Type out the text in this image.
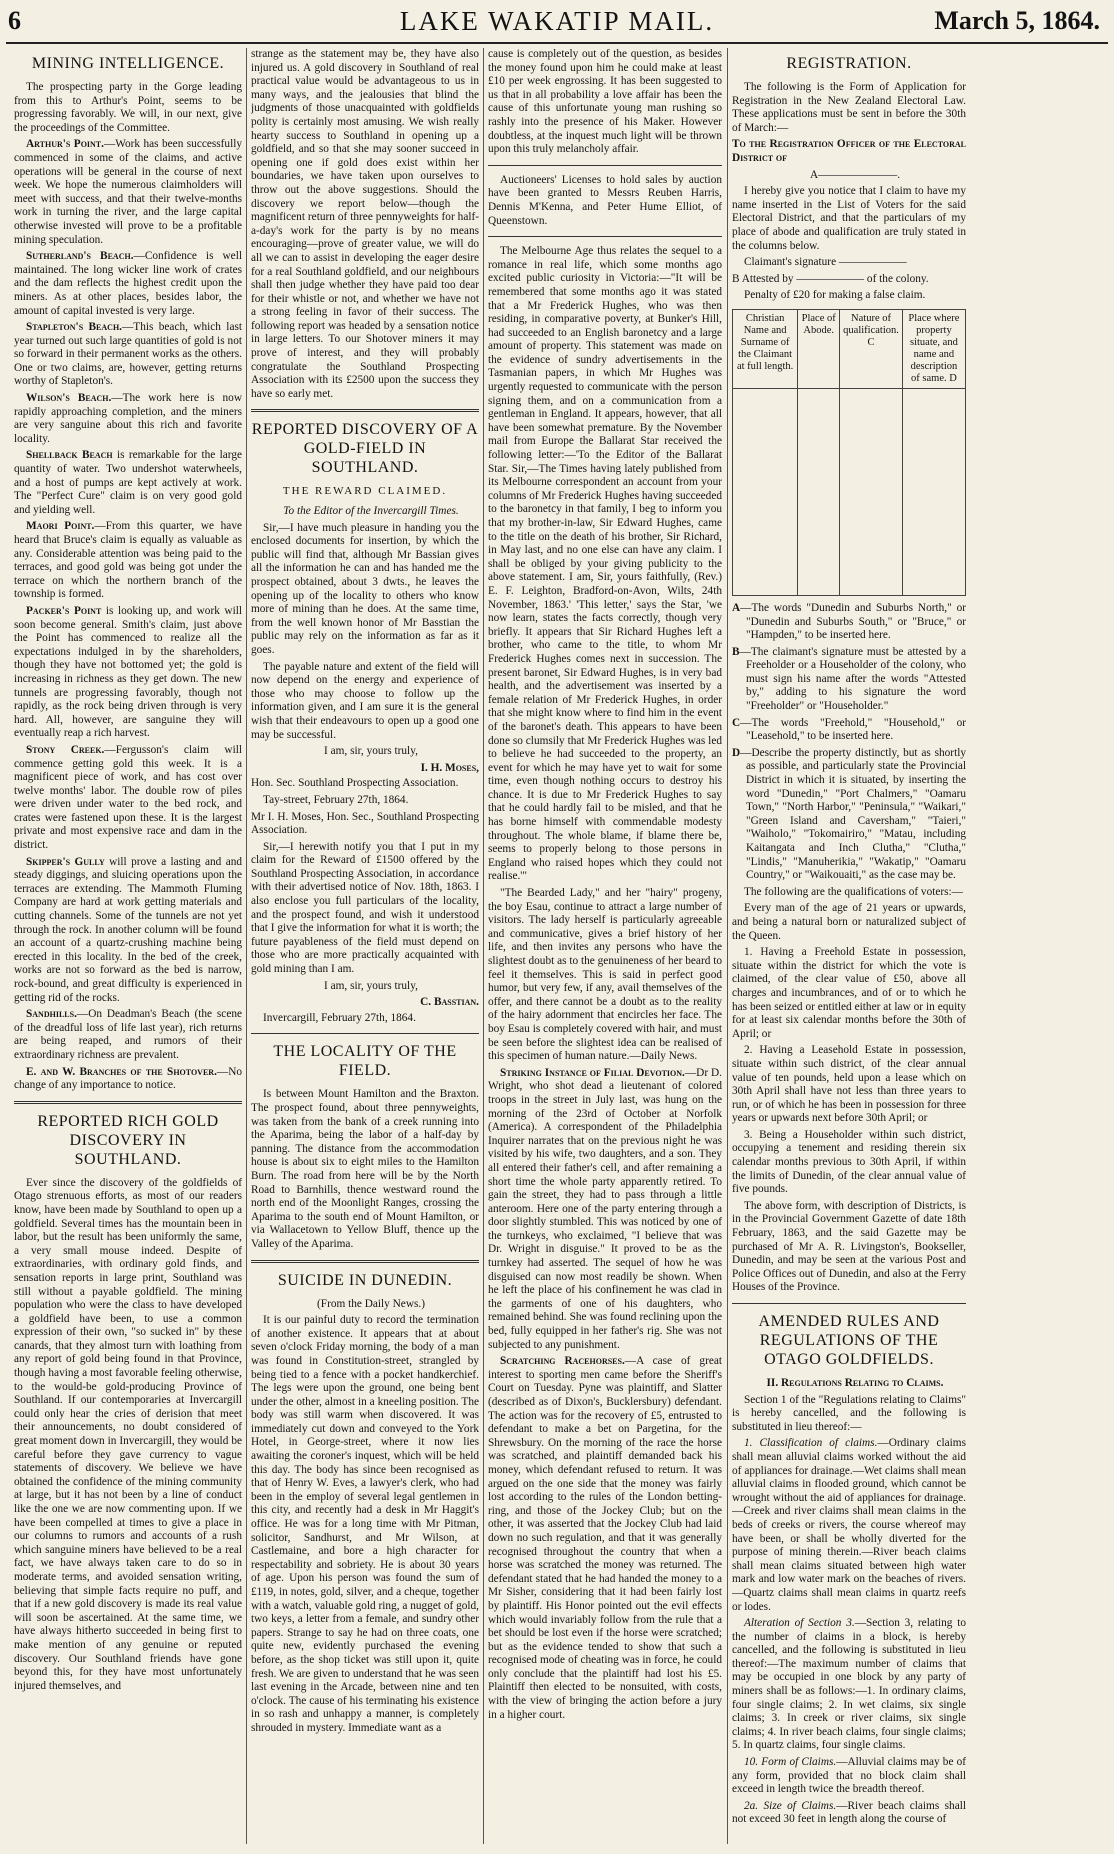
6	LAKE WAKATIP MAIL.	March 5, 1864.
MINING INTELLIGENCE.

The prospecting party in the Gorge leading from this to Arthur's Point, seems to be progressing favorably. We will, in our next, give the proceedings of the Committee.

Arthur's Point.—Work has been successfully commenced in some of the claims, and active operations will be general in the course of next week. We hope the numerous claimholders will meet with success, and that their twelve-months work in turning the river, and the large capital otherwise invested will prove to be a profitable mining speculation.

Sutherland's Beach.—Confidence is well maintained. The long wicker line work of crates and the dam reflects the highest credit upon the miners. As at other places, besides labor, the amount of capital invested is very large.

Stapleton's Beach.—This beach, which last year turned out such large quantities of gold is not so forward in their permanent works as the others. One or two claims, are, however, getting returns worthy of Stapleton's.

Wilson's Beach.—The work here is now rapidly approaching completion, and the miners are very sanguine about this rich and favorite locality.

Shellback Beach is remarkable for the large quantity of water. Two undershot waterwheels, and a host of pumps are kept actively at work. The "Perfect Cure" claim is on very good gold and yielding well.

Maori Point.—From this quarter, we have heard that Bruce's claim is equally as valuable as any. Considerable attention was being paid to the terraces, and good gold was being got under the terrace on which the northern branch of the township is formed.

Packer's Point is looking up, and work will soon become general. Smith's claim, just above the Point has commenced to realize all the expectations indulged in by the shareholders, though they have not bottomed yet; the gold is increasing in richness as they get down. The new tunnels are progressing favorably, though not rapidly, as the rock being driven through is very hard. All, however, are sanguine they will eventually reap a rich harvest.

Stony Creek.—Fergusson's claim will commence getting gold this week. It is a magnificent piece of work, and has cost over twelve months' labor. The double row of piles were driven under water to the bed rock, and crates were fastened upon these. It is the largest private and most expensive race and dam in the district.

Skipper's Gully will prove a lasting and and steady diggings, and sluicing operations upon the terraces are extending. The Mammoth Fluming Company are hard at work getting materials and cutting channels. Some of the tunnels are not yet through the rock. In another column will be found an account of a quartz-crushing machine being erected in this locality. In the bed of the creek, works are not so forward as the bed is narrow, rock-bound, and great difficulty is experienced in getting rid of the rocks.

Sandhills.—On Deadman's Beach (the scene of the dreadful loss of life last year), rich returns are being reaped, and rumors of their extraordinary richness are prevalent.

E. and W. Branches of the Shotover.—No change of any importance to notice.

REPORTED RICH GOLD DISCOVERY IN SOUTHLAND.

Ever since the discovery of the goldfields of Otago strenuous efforts, as most of our readers know, have been made by Southland to open up a goldfield. Several times has the mountain been in labor, but the result has been uniformly the same, a very small mouse indeed. Despite of extraordinaries, with ordinary gold finds, and sensation reports in large print, Southland was still without a payable goldfield. The mining population who were the class to have developed a goldfield have been, to use a common expression of their own, "so sucked in" by these canards, that they almost turn with loathing from any report of gold being found in that Province, though having a most favorable feeling otherwise, to the would-be gold-producing Province of Southland. If our contemporaries at Invercargill could only hear the cries of derision that meet their announcements, no doubt considered of great moment down in Invercargill, they would be careful before they gave currency to vague statements of discovery. We believe we have obtained the confidence of the mining community at large, but it has not been by a line of conduct like the one we are now commenting upon. If we have been compelled at times to give a place in our columns to rumors and accounts of a rush which sanguine miners have believed to be a real fact, we have always taken care to do so in moderate terms, and avoided sensation writing, believing that simple facts require no puff, and that if a new gold discovery is made its real value will soon be ascertained. At the same time, we have always hitherto succeeded in being first to make mention of any genuine or reputed discovery. Our Southland friends have gone beyond this, for they have most unfortunately injured themselves, and

strange as the statement may be, they have also injured us. A gold discovery in Southland of real practical value would be advantageous to us in many ways, and the jealousies that blind the judgments of those unacquainted with goldfields polity is certainly most amusing. We wish really hearty success to Southland in opening up a goldfield, and so that she may sooner succeed in opening one if gold does exist within her boundaries, we have taken upon ourselves to throw out the above suggestions. Should the discovery we report below—though the magnificent return of three pennyweights for half-a-day's work for the party is by no means encouraging—prove of greater value, we will do all we can to assist in developing the eager desire for a real Southland goldfield, and our neighbours shall then judge whether they have paid too dear for their whistle or not, and whether we have not a strong feeling in favor of their success. The following report was headed by a sensation notice in large letters. To our Shotover miners it may prove of interest, and they will probably congratulate the Southland Prospecting Association with its £2500 upon the success they have so early met.

REPORTED DISCOVERY OF A GOLD-FIELD IN SOUTHLAND.
THE REWARD CLAIMED.

To the Editor of the Invercargill Times.

Sir,—I have much pleasure in handing you the enclosed documents for insertion, by which the public will find that, although Mr Bassian gives all the information he can and has handed me the prospect obtained, about 3 dwts., he leaves the opening up of the locality to others who know more of mining than he does. At the same time, from the well known honor of Mr Basstian the public may rely on the information as far as it goes.

The payable nature and extent of the field will now depend on the energy and experience of those who may choose to follow up the information given, and I am sure it is the general wish that their endeavours to open up a good one may be successful.

I am, sir, yours truly,

I. H. Moses,

Hon. Sec. Southland Prospecting Association.

Tay-street, February 27th, 1864.

Mr I. H. Moses, Hon. Sec., Southland Prospecting Association.

Sir,—I herewith notify you that I put in my claim for the Reward of £1500 offered by the Southland Prospecting Association, in accordance with their advertised notice of Nov. 18th, 1863. I also enclose you full particulars of the locality, and the prospect found, and wish it understood that I give the information for what it is worth; the future payableness of the field must depend on those who are more practically acquainted with gold mining than I am.

I am, sir, yours truly,

C. Basstian.

Invercargill, February 27th, 1864.

THE LOCALITY OF THE FIELD.

Is between Mount Hamilton and the Braxton. The prospect found, about three pennyweights, was taken from the bank of a creek running into the Aparima, being the labor of a half-day by panning. The distance from the accommodation house is about six to eight miles to the Hamilton Burn. The road from here will be by the North Road to Barnhills, thence westward round the north end of the Moonlight Ranges, crossing the Aparima to the south end of Mount Hamilton, or via Wallacetown to Yellow Bluff, thence up the Valley of the Aparima.

SUICIDE IN DUNEDIN.

(From the Daily News.)

It is our painful duty to record the termination of another existence. It appears that at about seven o'clock Friday morning, the body of a man was found in Constitution-street, strangled by being tied to a fence with a pocket handkerchief. The legs were upon the ground, one being bent under the other, almost in a kneeling position. The body was still warm when discovered. It was immediately cut down and conveyed to the York Hotel, in George-street, where it now lies awaiting the coroner's inquest, which will be held this day. The body has since been recognised as that of Henry W. Eves, a lawyer's clerk, who had been in the employ of several legal gentlemen in this city, and recently had a desk in Mr Haggit's office. He was for a long time with Mr Pitman, solicitor, Sandhurst, and Mr Wilson, at Castlemaine, and bore a high character for respectability and sobriety. He is about 30 years of age. Upon his person was found the sum of £119, in notes, gold, silver, and a cheque, together with a watch, valuable gold ring, a nugget of gold, two keys, a letter from a female, and sundry other papers. Strange to say he had on three coats, one quite new, evidently purchased the evening before, as the shop ticket was still upon it, quite fresh. We are given to understand that he was seen last evening in the Arcade, between nine and ten o'clock. The cause of his terminating his existence in so rash and unhappy a manner, is completely shrouded in mystery. Immediate want as a

cause is completely out of the question, as besides the money found upon him he could make at least £10 per week engrossing. It has been suggested to us that in all probability a love affair has been the cause of this unfortunate young man rushing so rashly into the presence of his Maker. However doubtless, at the inquest much light will be thrown upon this truly melancholy affair.

Auctioneers' Licenses to hold sales by auction have been granted to Messrs Reuben Harris, Dennis M'Kenna, and Peter Hume Elliot, of Queenstown.

The Melbourne Age thus relates the sequel to a romance in real life, which some months ago excited public curiosity in Victoria:—"It will be remembered that some months ago it was stated that a Mr Frederick Hughes, who was then residing, in comparative poverty, at Bunker's Hill, had succeeded to an English baronetcy and a large amount of property. This statement was made on the evidence of sundry advertisements in the Tasmanian papers, in which Mr Hughes was urgently requested to communicate with the person signing them, and on a communication from a gentleman in England. It appears, however, that all have been somewhat premature. By the November mail from Europe the Ballarat Star received the following letter:—'To the Editor of the Ballarat Star. Sir,—The Times having lately published from its Melbourne correspondent an account from your columns of Mr Frederick Hughes having succeeded to the baronetcy in that family, I beg to inform you that my brother-in-law, Sir Edward Hughes, came to the title on the death of his brother, Sir Richard, in May last, and no one else can have any claim. I shall be obliged by your giving publicity to the above statement. I am, Sir, yours faithfully, (Rev.) E. F. Leighton, Bradford-on-Avon, Wilts, 24th November, 1863.' 'This letter,' says the Star, 'we now learn, states the facts correctly, though very briefly. It appears that Sir Richard Hughes left a brother, who came to the title, to whom Mr Frederick Hughes comes next in succession. The present baronet, Sir Edward Hughes, is in very bad health, and the advertisement was inserted by a female relation of Mr Frederick Hughes, in order that she might know where to find him in the event of the baronet's death. This appears to have been done so clumsily that Mr Frederick Hughes was led to believe he had succeeded to the property, an event for which he may have yet to wait for some time, even though nothing occurs to destroy his chance. It is due to Mr Frederick Hughes to say that he could hardly fail to be misled, and that he has borne himself with commendable modesty throughout. The whole blame, if blame there be, seems to properly belong to those persons in England who raised hopes which they could not realise.'"

"The Bearded Lady," and her "hairy" progeny, the boy Esau, continue to attract a large number of visitors. The lady herself is particularly agreeable and communicative, gives a brief history of her life, and then invites any persons who have the slightest doubt as to the genuineness of her beard to feel it themselves. This is said in perfect good humor, but very few, if any, avail themselves of the offer, and there cannot be a doubt as to the reality of the hairy adornment that encircles her face. The boy Esau is completely covered with hair, and must be seen before the slightest idea can be realised of this specimen of human nature.—Daily News.

Striking Instance of Filial Devotion.—Dr D. Wright, who shot dead a lieutenant of colored troops in the street in July last, was hung on the morning of the 23rd of October at Norfolk (America). A correspondent of the Philadelphia Inquirer narrates that on the previous night he was visited by his wife, two daughters, and a son. They all entered their father's cell, and after remaining a short time the whole party apparently retired. To gain the street, they had to pass through a little anteroom. Here one of the party entering through a door slightly stumbled. This was noticed by one of the turnkeys, who exclaimed, "I believe that was Dr. Wright in disguise." It proved to be as the turnkey had asserted. The sequel of how he was disguised can now most readily be shown. When he left the place of his confinement he was clad in the garments of one of his daughters, who remained behind. She was found reclining upon the bed, fully equipped in her father's rig. She was not subjected to any punishment.

Scratching Racehorses.—A case of great interest to sporting men came before the Sheriff's Court on Tuesday. Pyne was plaintiff, and Slatter (described as of Dixon's, Bucklersbury) defendant. The action was for the recovery of £5, entrusted to defendant to make a bet on Pargetina, for the Shrewsbury. On the morning of the race the horse was scratched, and plaintiff demanded back his money, which defendant refused to return. It was argued on the one side that the money was fairly lost according to the rules of the London betting-ring, and those of the Jockey Club; but on the other, it was asserted that the Jockey Club had laid down no such regulation, and that it was generally recognised throughout the country that when a horse was scratched the money was returned. The defendant stated that he had handed the money to a Mr Sisher, considering that it had been fairly lost by plaintiff. His Honor pointed out the evil effects which would invariably follow from the rule that a bet should be lost even if the horse were scratched; but as the evidence tended to show that such a recognised mode of cheating was in force, he could only conclude that the plaintiff had lost his £5. Plaintiff then elected to be nonsuited, with costs, with the view of bringing the action before a jury in a higher court.

REGISTRATION.

The following is the Form of Application for Registration in the New Zealand Electoral Law. These applications must be sent in before the 30th of March:—

To the Registration Officer of the Electoral District of

A———————.

I hereby give you notice that I claim to have my name inserted in the List of Voters for the said Electoral District, and that the particulars of my place of abode and qualification are truly stated in the columns below.

Claimant's signature ——————

B Attested by —————— of the colony.

Penalty of £20 for making a false claim.

Christian Name and Surname of the Claimant at full length.	Place of Abode.	Nature of qualification. C	Place where property situate, and name and description of same. D

A—The words "Dunedin and Suburbs North," or "Dunedin and Suburbs South," or "Bruce," or "Hampden," to be inserted here.

B—The claimant's signature must be attested by a Freeholder or a Householder of the colony, who must sign his name after the words "Attested by," adding to his signature the word "Freeholder" or "Householder."

C—The words "Freehold," "Household," or "Leasehold," to be inserted here.

D—Describe the property distinctly, but as shortly as possible, and particularly state the Provincial District in which it is situated, by inserting the word "Dunedin," "Port Chalmers," "Oamaru Town," "North Harbor," "Peninsula," "Waikari," "Green Island and Caversham," "Taieri," "Waiholo," "Tokomairiro," "Matau, including Kaitangata and Inch Clutha," "Clutha," "Lindis," "Manuherikia," "Wakatip," "Oamaru Country," or "Waikouaiti," as the case may be.

The following are the qualifications of voters:—

Every man of the age of 21 years or upwards, and being a natural born or naturalized subject of the Queen.

1. Having a Freehold Estate in possession, situate within the district for which the vote is claimed, of the clear value of £50, above all charges and incumbrances, and of or to which he has been seized or entitled either at law or in equity for at least six calendar months before the 30th of April; or

2. Having a Leasehold Estate in possession, situate within such district, of the clear annual value of ten pounds, held upon a lease which on 30th April shall have not less than three years to run, or of which he has been in possession for three years or upwards next before 30th April; or

3. Being a Householder within such district, occupying a tenement and residing therein six calendar months previous to 30th April, if within the limits of Dunedin, of the clear annual value of five pounds.

The above form, with description of Districts, is in the Provincial Government Gazette of date 18th February, 1863, and the said Gazette may be purchased of Mr A. R. Livingston's, Bookseller, Dunedin, and may be seen at the various Post and Police Offices out of Dunedin, and also at the Ferry Houses of the Province.

AMENDED RULES AND REGULATIONS OF THE OTAGO GOLDFIELDS.

II. Regulations Relating to Claims.

Section 1 of the "Regulations relating to Claims" is hereby cancelled, and the following is substituted in lieu thereof:—

1. Classification of claims.—Ordinary claims shall mean alluvial claims worked without the aid of appliances for drainage.—Wet claims shall mean alluvial claims in flooded ground, which cannot be wrought without the aid of appliances for drainage.—Creek and river claims shall mean claims in the beds of creeks or rivers, the course whereof may have been, or shall be wholly diverted for the purpose of mining therein.—River beach claims shall mean claims situated between high water mark and low water mark on the beaches of rivers.—Quartz claims shall mean claims in quartz reefs or lodes.

Alteration of Section 3.—Section 3, relating to the number of claims in a block, is hereby cancelled, and the following is substituted in lieu thereof:—The maximum number of claims that may be occupied in one block by any party of miners shall be as follows:—1. In ordinary claims, four single claims; 2. In wet claims, six single claims; 3. In creek or river claims, six single claims; 4. In river beach claims, four single claims; 5. In quartz claims, four single claims.

10. Form of Claims.—Alluvial claims may be of any form, provided that no block claim shall exceed in length twice the breadth thereof.

2a. Size of Claims.—River beach claims shall not exceed 30 feet in length along the course of
